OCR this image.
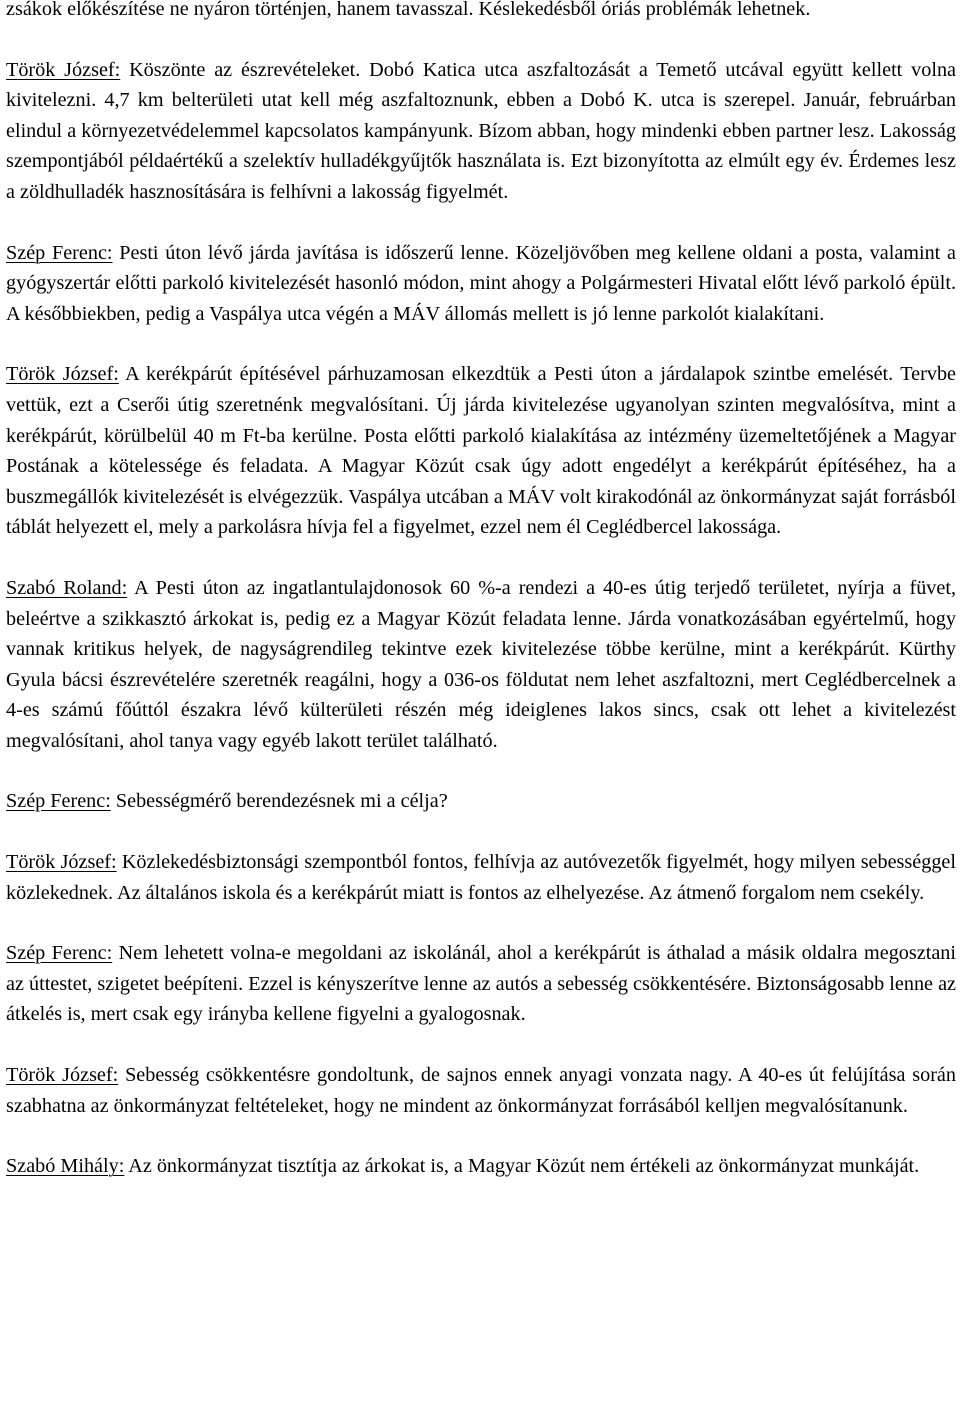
zsákok előkészítése ne nyáron történjen, hanem tavasszal. Késlekedésből óriás problémák lehetnek.

Török József: Köszönte az észrevételeket. Dobó Katica utca aszfaltozását a Temető utcával együtt kellett volna kivitelezni. 4,7 km belterületi utat kell még aszfaltoznunk, ebben a Dobó K. utca is szerepel. Január, februárban elindul a környezetvédelemmel kapcsolatos kampányunk. Bízom abban, hogy mindenki ebben partner lesz. Lakosság szempontjából példaértékű a szelektív hulladékgyűjtők használata is. Ezt bizonyította az elmúlt egy év. Érdemes lesz a zöldhulladék hasznosítására is felhívni a lakosság figyelmét.

Szép Ferenc: Pesti úton lévő járda javítása is időszerű lenne. Közeljövőben meg kellene oldani a posta, valamint a gyógyszertár előtti parkoló kivitelezését hasonló módon, mint ahogy a Polgármesteri Hivatal előtt lévő parkoló épült. A későbbiekben, pedig a Vaspálya utca végén a MÁV állomás mellett is jó lenne parkolót kialakítani.

Török József: A kerékpárút építésével párhuzamosan elkezdtük a Pesti úton a járdalapok szintbe emelését. Tervbe vettük, ezt a Cserői útig szeretnénk megvalósítani. Új járda kivitelezése ugyanolyan szinten megvalósítva, mint a kerékpárút, körülbelül 40 m Ft-ba kerülne. Posta előtti parkoló kialakítása az intézmény üzemeltetőjének a Magyar Postának a kötelessége és feladata. A Magyar Közút csak úgy adott engedélyt a kerékpárút építéséhez, ha a buszmegállók kivitelezését is elvégezzük. Vaspálya utcában a MÁV volt kirakodónál az önkormányzat saját forrásból táblát helyezett el, mely a parkolásra hívja fel a figyelmet, ezzel nem él Ceglédbercel lakossága.

Szabó Roland: A Pesti úton az ingatlantulajdonosok 60 %-a rendezi a 40-es útig terjedő területet, nyírja a füvet, beleértve a szikkasztó árkokat is, pedig ez a Magyar Közút feladata lenne. Járda vonatkozásában egyértelmű, hogy vannak kritikus helyek, de nagyságrendileg tekintve ezek kivitelezése többe kerülne, mint a kerékpárút. Kürthy Gyula bácsi észrevételére szeretnék reagálni, hogy a 036-os földutat nem lehet aszfaltozni, mert Ceglédbercelnek a 4-es számú főúttól északra lévő külterületi részén még ideiglenes lakos sincs, csak ott lehet a kivitelezést megvalósítani, ahol tanya vagy egyéb lakott terület található.

Szép Ferenc: Sebességmérő berendezésnek mi a célja?

Török József: Közlekedésbiztonsági szempontból fontos, felhívja az autóvezetők figyelmét, hogy milyen sebességgel közlekednek. Az általános iskola és a kerékpárút miatt is fontos az elhelyezése. Az átmenő forgalom nem csekély.

Szép Ferenc: Nem lehetett volna-e megoldani az iskolánál, ahol a kerékpárút is áthalad a másik oldalra megosztani az úttestet, szigetet beépíteni. Ezzel is kényszerítve lenne az autós a sebesség csökkentésére. Biztonságosabb lenne az átkelés is, mert csak egy irányba kellene figyelni a gyalogosnak.

Török József: Sebesség csökkentésre gondoltunk, de sajnos ennek anyagi vonzata nagy. A 40-es út felújítása során szabhatna az önkormányzat feltételeket, hogy ne mindent az önkormányzat forrásából kelljen megvalósítanunk.

Szabó Mihály: Az önkormányzat tisztítja az árkokat is, a Magyar Közút nem értékeli az önkormányzat munkáját.
